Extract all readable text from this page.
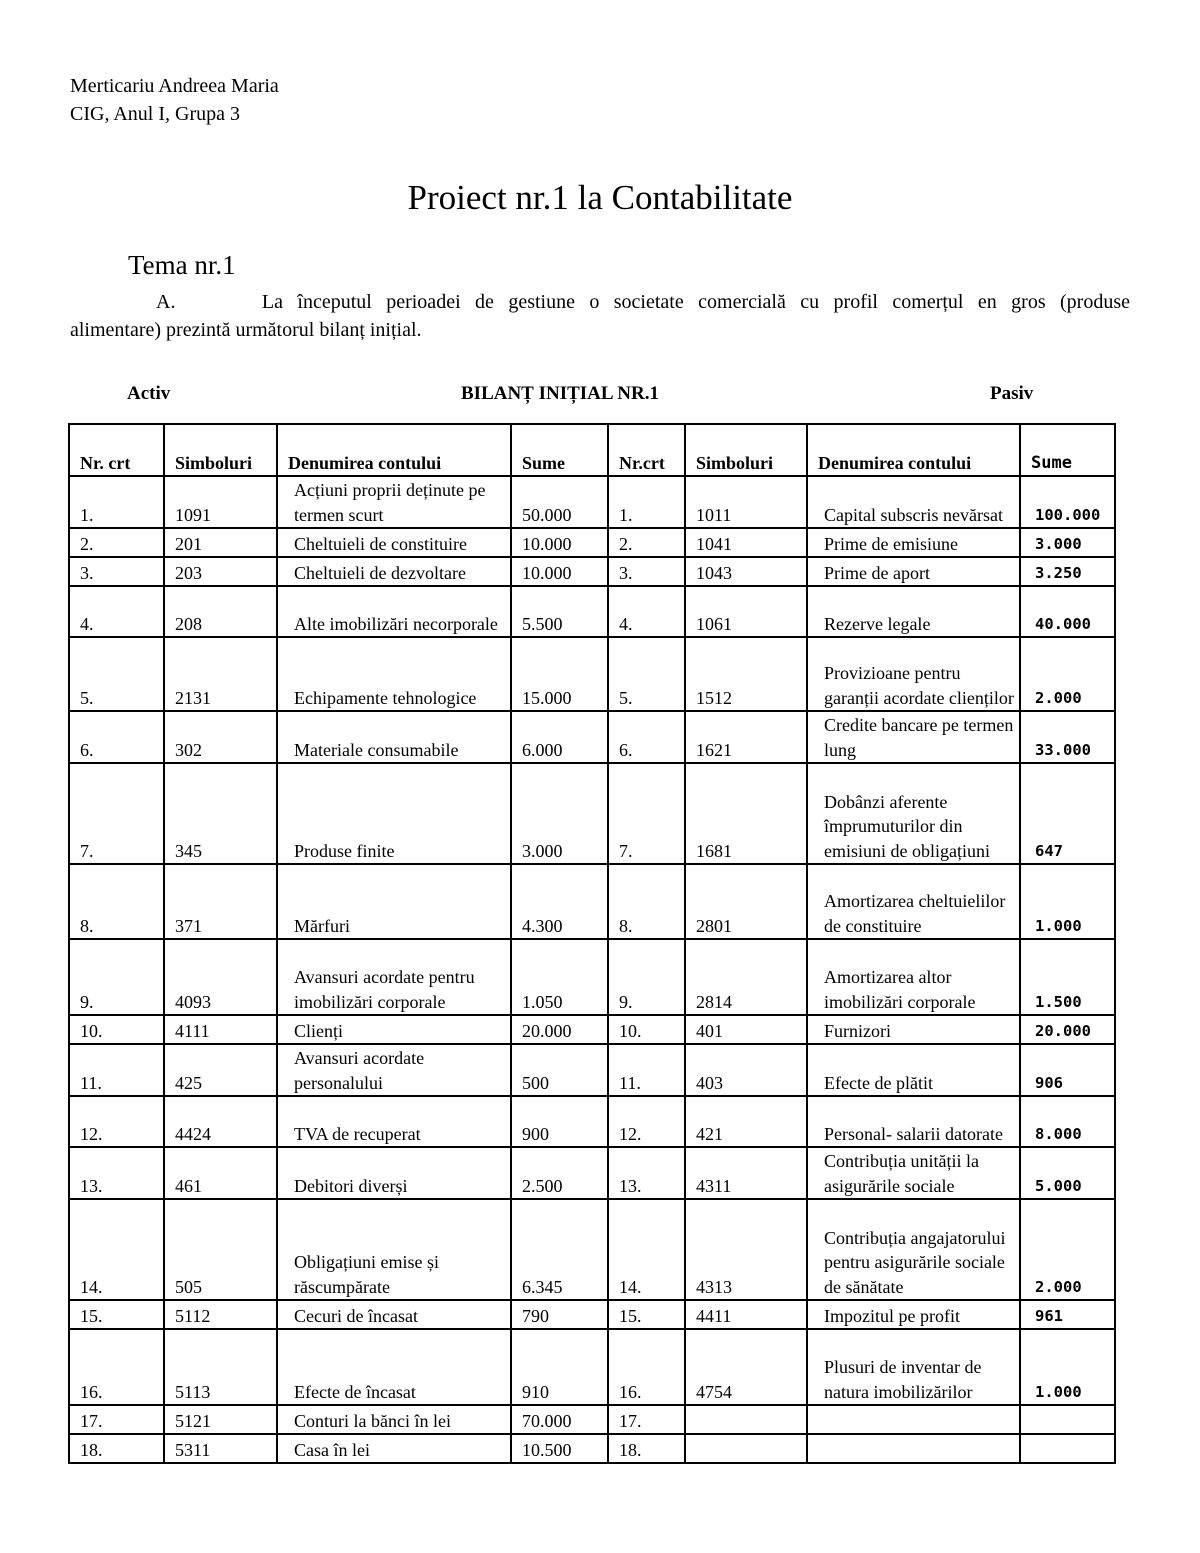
Merticariu Andreea Maria
CIG, Anul I, Grupa 3
Proiect nr.1 la Contabilitate
Tema nr.1
A.      La începutul perioadei de gestiune o societate comercială cu profil comerțul en gros (produse
alimentare) prezintă următorul bilanț inițial.
Activ	BILANȚ INIȚIAL NR.1	Pasiv
Nr. crt	Simboluri	Denumirea contului	Sume	Nr.crt	Simboluri	Denumirea contului	Sume
1.	1091	Acțiuni proprii deținute pe termen scurt	50.000	1.	1011	Capital subscris nevărsat	100.000
2.	201	Cheltuieli de constituire	10.000	2.	1041	Prime de emisiune	3.000
3.	203	Cheltuieli de dezvoltare	10.000	3.	1043	Prime de aport	3.250
4.	208	Alte imobilizări necorporale	5.500	4.	1061	Rezerve legale	40.000
5.	2131	Echipamente tehnologice	15.000	5.	1512	Provizioane pentru garanții acordate clienților	2.000
6.	302	Materiale consumabile	6.000	6.	1621	Credite bancare pe termen lung	33.000
7.	345	Produse finite	3.000	7.	1681	Dobânzi aferente împrumuturilor din emisiuni de obligațiuni	647
8.	371	Mărfuri	4.300	8.	2801	Amortizarea cheltuielilor de constituire	1.000
9.	4093	Avansuri acordate pentru imobilizări corporale	1.050	9.	2814	Amortizarea altor imobilizări corporale	1.500
10.	4111	Clienți	20.000	10.	401	Furnizori	20.000
11.	425	Avansuri acordate personalului	500	11.	403	Efecte de plătit	906
12.	4424	TVA de recuperat	900	12.	421	Personal- salarii datorate	8.000
13.	461	Debitori diverși	2.500	13.	4311	Contribuția unității la asigurările sociale	5.000
14.	505	Obligațiuni emise și răscumpărate	6.345	14.	4313	Contribuția angajatorului pentru asigurările sociale de sănătate	2.000
15.	5112	Cecuri de încasat	790	15.	4411	Impozitul pe profit	961
16.	5113	Efecte de încasat	910	16.	4754	Plusuri de inventar de natura imobilizărilor	1.000
17.	5121	Conturi la bănci în lei	70.000	17.			
18.	5311	Casa în lei	10.500	18.			
